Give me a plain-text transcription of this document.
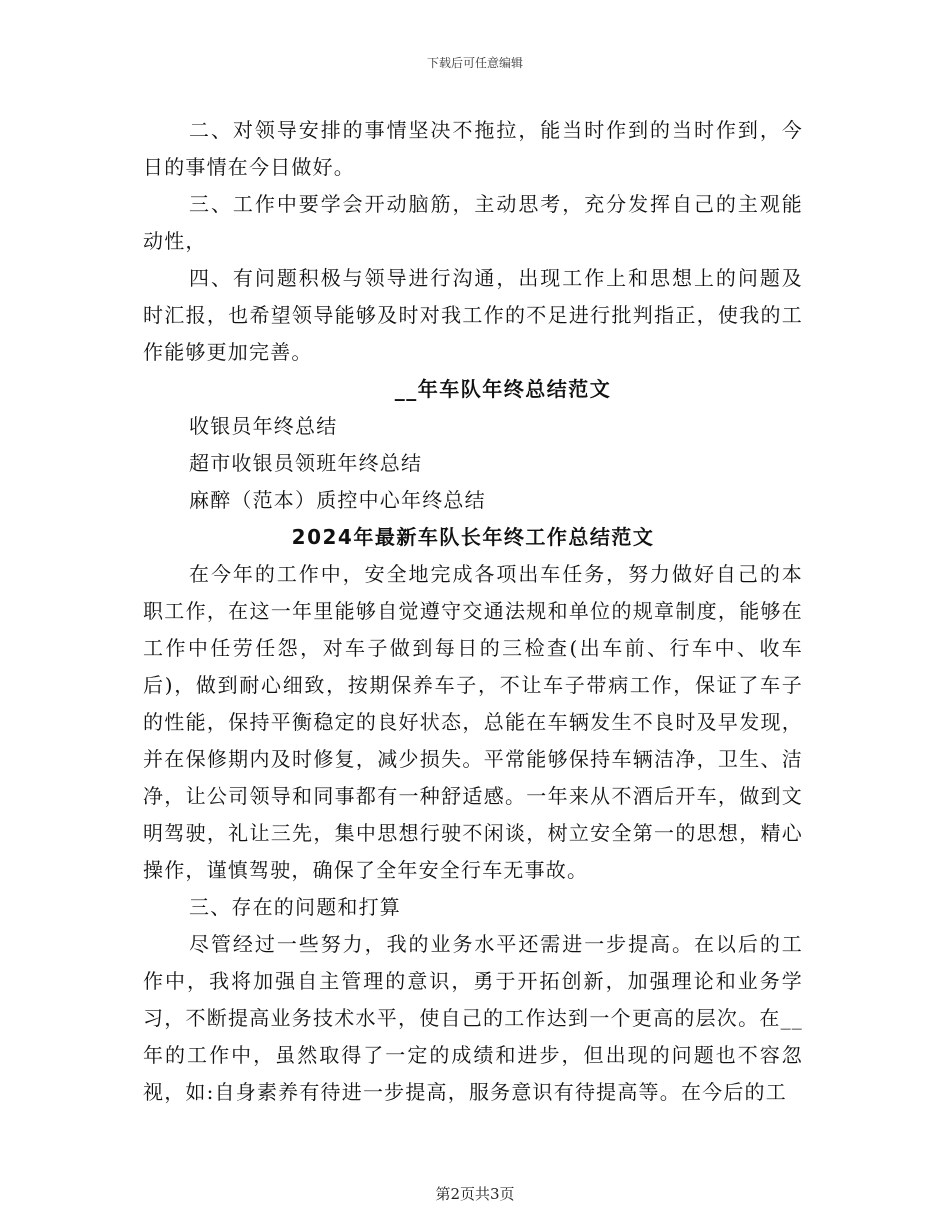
下载后可任意编辑

二、对领导安排的事情坚决不拖拉，能当时作到的当时作到，今日的事情在今日做好。

三、工作中要学会开动脑筋，主动思考，充分发挥自己的主观能动性，

四、有问题积极与领导进行沟通，出现工作上和思想上的问题及时汇报，也希望领导能够及时对我工作的不足进行批判指正，使我的工作能够更加完善。

__年车队年终总结范文

收银员年终总结

超市收银员领班年终总结

麻醉（范本）质控中心年终总结

2024年最新车队长年终工作总结范文

在今年的工作中，安全地完成各项出车任务，努力做好自己的本职工作，在这一年里能够自觉遵守交通法规和单位的规章制度，能够在工作中任劳任怨，对车子做到每日的三检查(出车前、行车中、收车后)，做到耐心细致，按期保养车子，不让车子带病工作，保证了车子的性能，保持平衡稳定的良好状态，总能在车辆发生不良时及早发现，并在保修期内及时修复，减少损失。平常能够保持车辆洁净，卫生、洁净，让公司领导和同事都有一种舒适感。一年来从不酒后开车，做到文明驾驶，礼让三先，集中思想行驶不闲谈，树立安全第一的思想，精心操作，谨慎驾驶，确保了全年安全行车无事故。

三、存在的问题和打算

尽管经过一些努力，我的业务水平还需进一步提高。在以后的工作中，我将加强自主管理的意识，勇于开拓创新，加强理论和业务学习，不断提高业务技术水平，使自己的工作达到一个更高的层次。在__年的工作中，虽然取得了一定的成绩和进步，但出现的问题也不容忽视，如:自身素养有待进一步提高，服务意识有待提高等。在今后的工

第2页共3页
